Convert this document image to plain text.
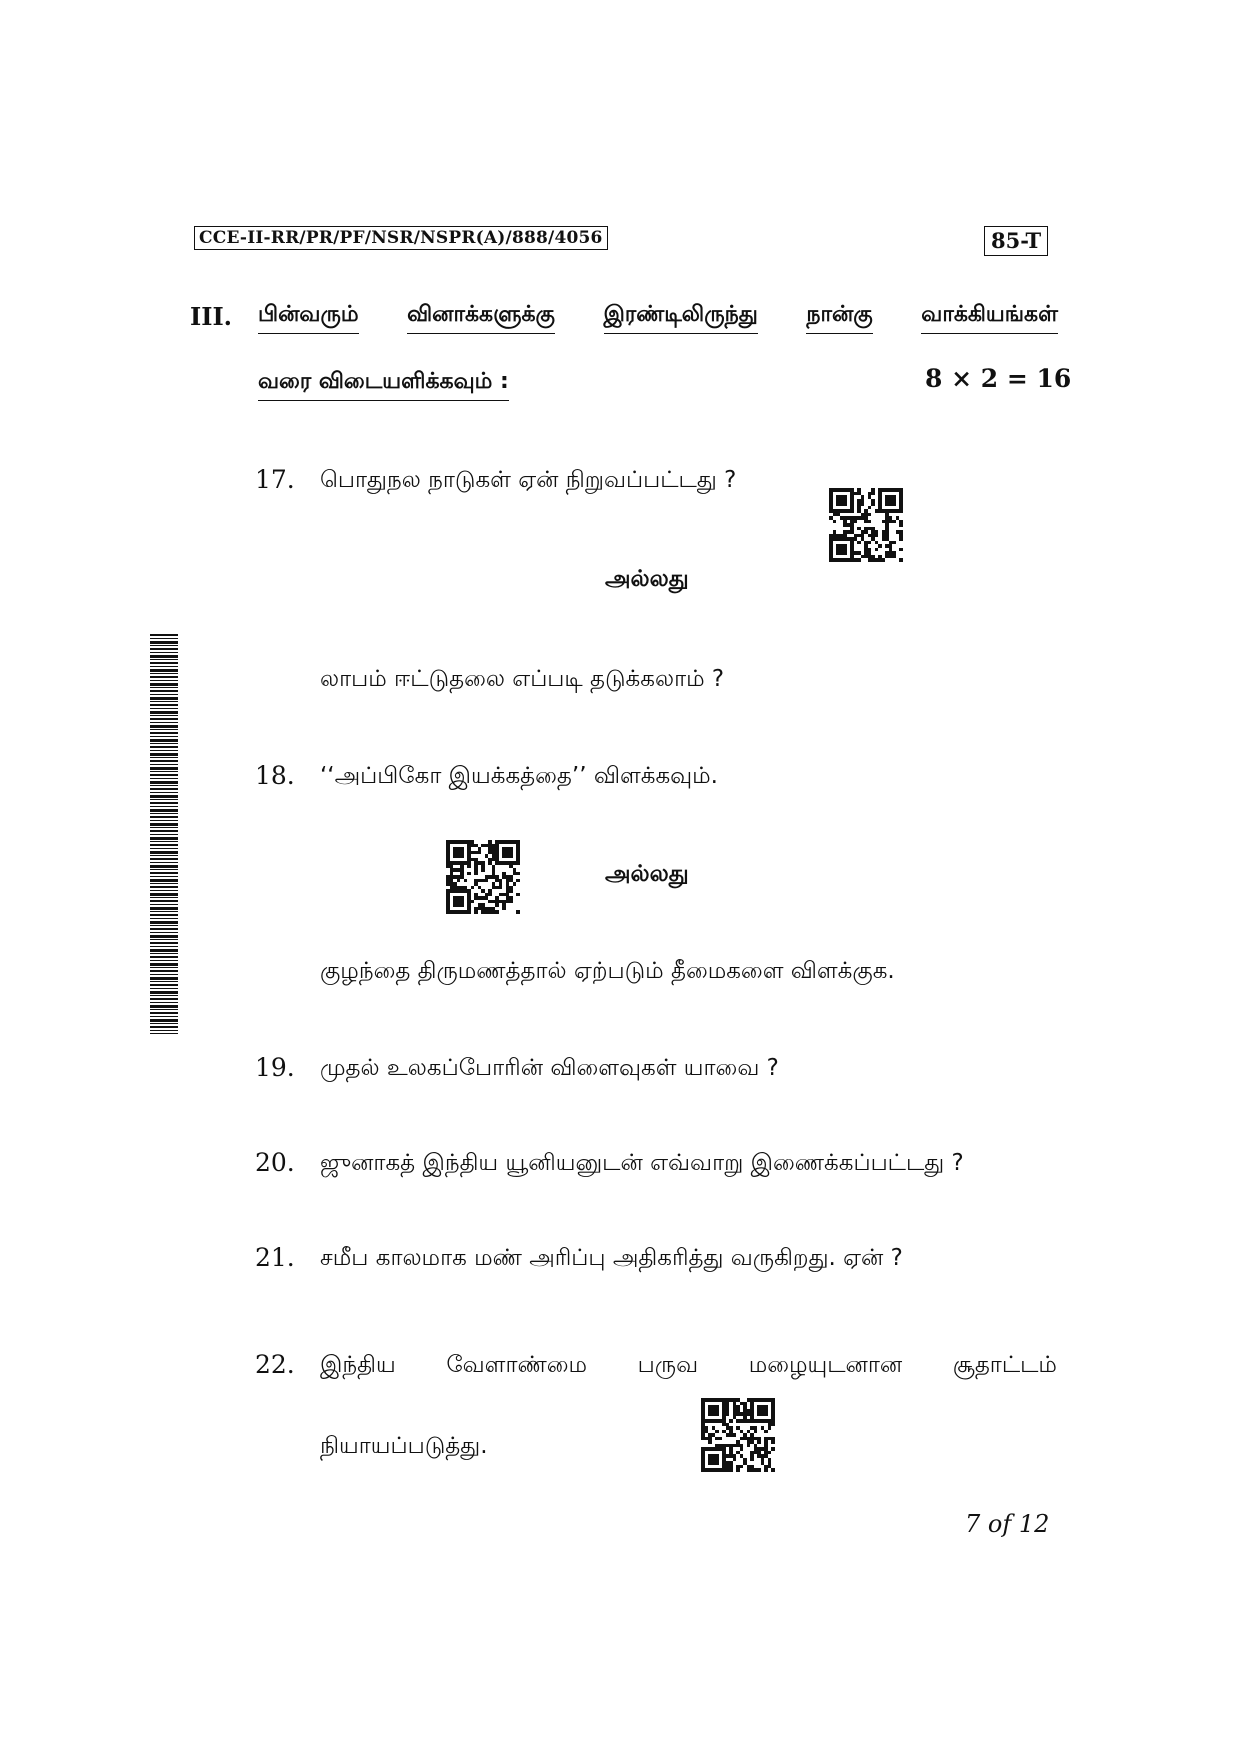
CCE-II-RR/PR/PF/NSR/NSPR(A)/888/4056	85-T
III. பின்வரும் வினாக்களுக்கு இரண்டிலிருந்து நான்கு வாக்கியங்கள்
வரை விடையளிக்கவும் :	8 × 2 = 16
17. பொதுநல நாடுகள் ஏன் நிறுவப்பட்டது ?
அல்லது
லாபம் ஈட்டுதலை எப்படி தடுக்கலாம் ?
18. ‘‘அப்பிகோ இயக்கத்தை’’ விளக்கவும்.
அல்லது
குழந்தை திருமணத்தால் ஏற்படும் தீமைகளை விளக்குக.
19. முதல் உலகப்போரின் விளைவுகள் யாவை ?
20. ஜுனாகத் இந்திய யூனியனுடன் எவ்வாறு இணைக்கப்பட்டது ?
21. சமீப காலமாக மண் அரிப்பு அதிகரித்து வருகிறது. ஏன் ?
22. இந்திய வேளாண்மை பருவ மழையுடனான சூதாட்டம்
நியாயப்படுத்து.
7 of 12
